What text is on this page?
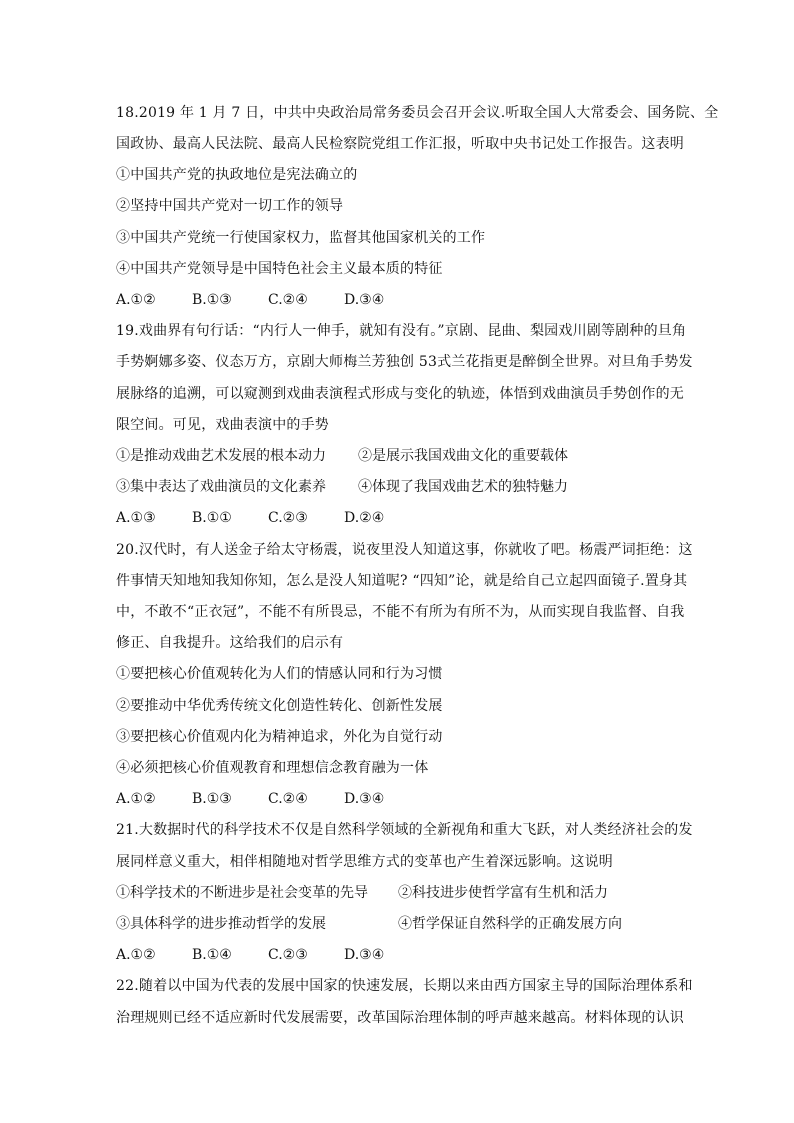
18.2019 年 1 月 7 日，中共中央政治局常务委员会召开会议.听取全国人大常委会、国务院、全
国政协、最高人民法院、最高人民检察院党组工作汇报，听取中央书记处工作报告。这表明
①中国共产党的执政地位是宪法确立的
②坚持中国共产党对一切工作的领导
③中国共产党统一行使国家权力，监督其他国家机关的工作
④中国共产党领导是中国特色社会主义最本质的特征
A.①②	B.①③	C.②④	D.③④
19.戏曲界有句行话：“内行人一伸手，就知有没有。”京剧、昆曲、梨园戏川剧等剧种的旦角
手势婀娜多姿、仪态万方，京剧大师梅兰芳独创 53式兰花指更是醉倒全世界。对旦角手势发
展脉络的追溯，可以窥测到戏曲表演程式形成与变化的轨迹，体悟到戏曲演员手势创作的无
限空间。可见，戏曲表演中的手势
①是推动戏曲艺术发展的根本动力 ②是展示我国戏曲文化的重要载体
③集中表达了戏曲演员的文化素养 ④体现了我国戏曲艺术的独特魅力
A.①③	B.①①	C.②③	D.②④
20.汉代时，有人送金子给太守杨震，说夜里没人知道这事，你就收了吧。杨震严词拒绝：这
件事情天知地知我知你知，怎么是没人知道呢? “四知”论，就是给自己立起四面镜子.置身其
中，不敢不“正衣冠”，不能不有所畏忌，不能不有所为有所不为，从而实现自我监督、自我
修正、自我提升。这给我们的启示有
①要把核心价值观转化为人们的情感认同和行为习惯
②要推动中华优秀传统文化创造性转化、创新性发展
③要把核心价值观内化为精神追求，外化为自觉行动
④必须把核心价值观教育和理想信念教育融为一体
A.①②	B.①③	C.②④	D.③④
21.大数据时代的科学技术不仅是自然科学领域的全新视角和重大飞跃，对人类经济社会的发
展同样意义重大，相伴相随地对哲学思维方式的变革也产生着深远影响。这说明
①科学技术的不断进步是社会变革的先导 ②科技进步使哲学富有生机和活力
③具体科学的进步推动哲学的发展	④哲学保证自然科学的正确发展方向
A.①②	B.①④	C.②③	D.③④
22.随着以中国为代表的发展中国家的快速发展，长期以来由西方国家主导的国际治理体系和
治理规则已经不适应新时代发展需要，改革国际治理体制的呼声越来越高。材料体现的认识
